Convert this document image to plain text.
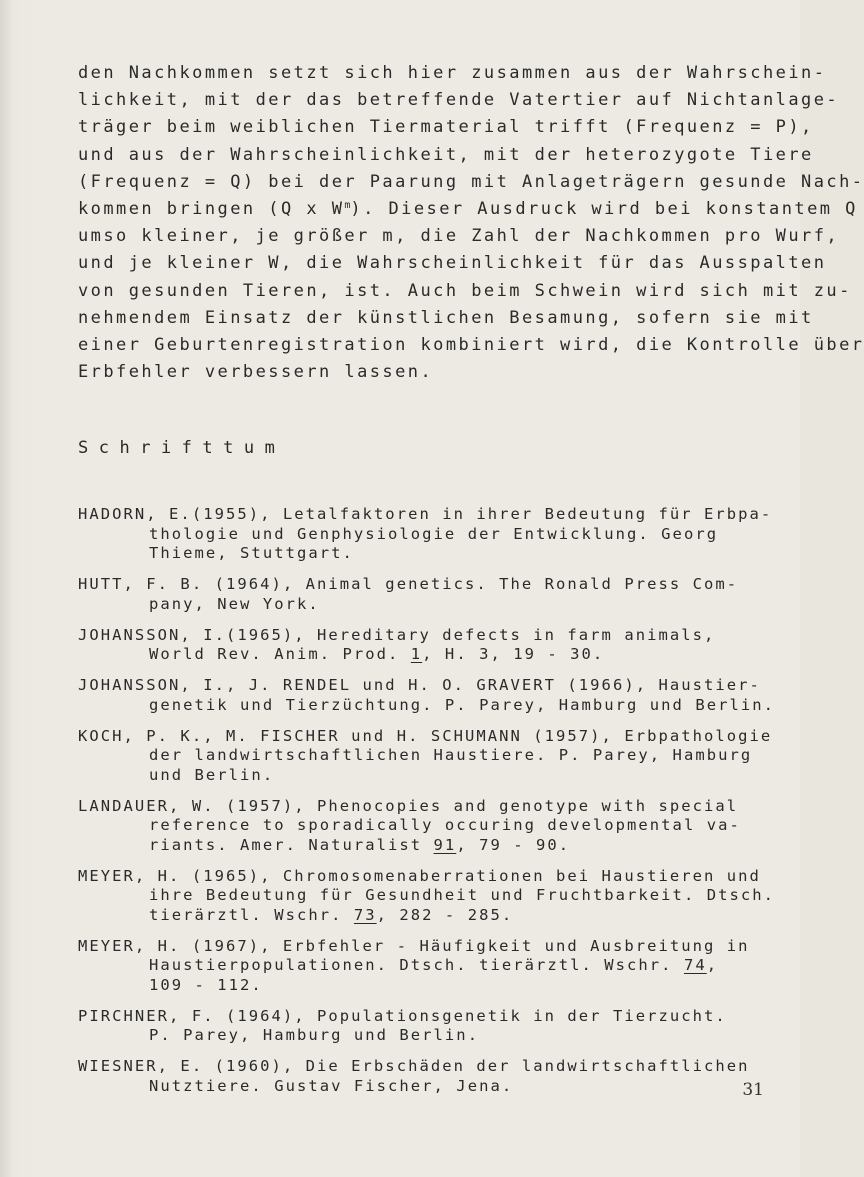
den Nachkommen setzt sich hier zusammen aus der Wahrschein-
lichkeit, mit der das betreffende Vatertier auf Nichtanlage-
träger beim weiblichen Tiermaterial trifft (Frequenz = P),
und aus der Wahrscheinlichkeit, mit der heterozygote Tiere
(Frequenz = Q) bei der Paarung mit Anlageträgern gesunde Nach-
kommen bringen (Q x $W^m$). Dieser Ausdruck wird bei konstantem Q
umso kleiner, je größer m, die Zahl der Nachkommen pro Wurf,
und je kleiner W, die Wahrscheinlichkeit für das Ausspalten
von gesunden Tieren, ist. Auch beim Schwein wird sich mit zu-
nehmendem Einsatz der künstlichen Besamung, sofern sie mit
einer Geburtenregistration kombiniert wird, die Kontrolle über
Erbfehler verbessern lassen.
Schrifttum
HADORN, E.(1955), Letalfaktoren in ihrer Bedeutung für Erbpa-
thologie und Genphysiologie der Entwicklung. Georg
Thieme, Stuttgart.
HUTT, F. B. (1964), Animal genetics. The Ronald Press Com-
pany, New York.
JOHANSSON, I.(1965), Hereditary defects in farm animals,
World Rev. Anim. Prod. 1, H. 3, 19 - 30.
JOHANSSON, I., J. RENDEL und H. O. GRAVERT (1966), Haustier-
genetik und Tierzüchtung. P. Parey, Hamburg und Berlin.
KOCH, P. K., M. FISCHER und H. SCHUMANN (1957), Erbpathologie
der landwirtschaftlichen Haustiere. P. Parey, Hamburg
und Berlin.
LANDAUER, W. (1957), Phenocopies and genotype with special
reference to sporadically occuring developmental va-
riants. Amer. Naturalist 91, 79 - 90.
MEYER, H. (1965), Chromosomenaberrationen bei Haustieren und
ihre Bedeutung für Gesundheit und Fruchtbarkeit. Dtsch.
tierärztl. Wschr. 73, 282 - 285.
MEYER, H. (1967), Erbfehler - Häufigkeit und Ausbreitung in
Haustierpopulationen. Dtsch. tierärztl. Wschr. 74,
109 - 112.
PIRCHNER, F. (1964), Populationsgenetik in der Tierzucht.
P. Parey, Hamburg und Berlin.
WIESNER, E. (1960), Die Erbschäden der landwirtschaftlichen
Nutztiere. Gustav Fischer, Jena.	31
